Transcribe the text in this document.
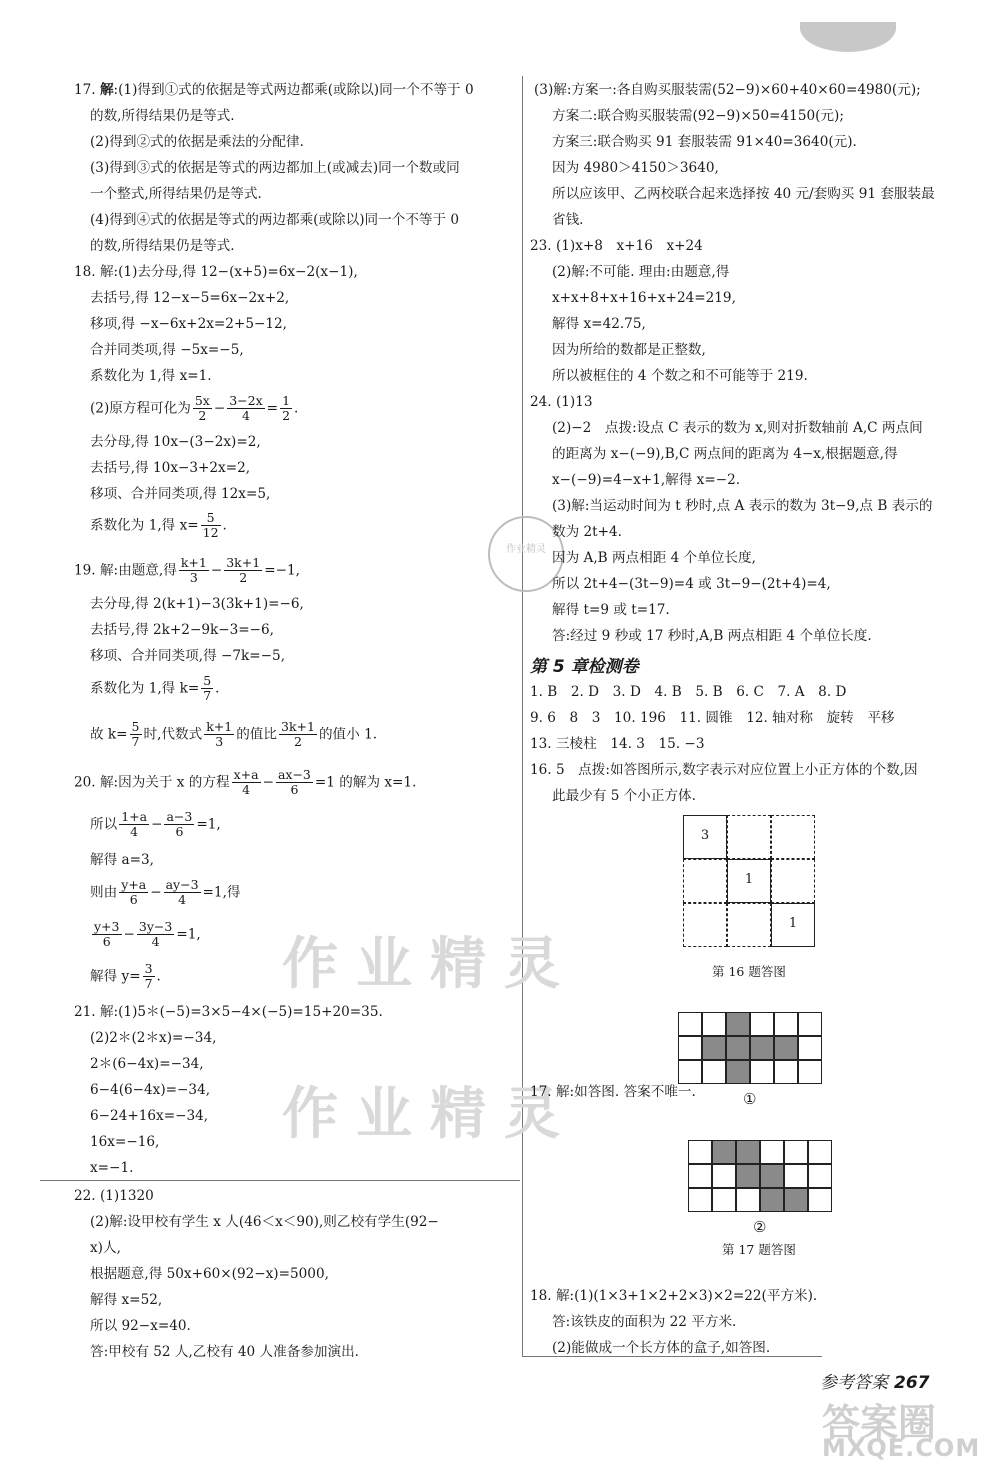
17. 解:(1)得到①式的依据是等式两边都乘(或除以)同一个不等于 0
的数,所得结果仍是等式.
(2)得到②式的依据是乘法的分配律.
(3)得到③式的依据是等式的两边都加上(或减去)同一个数或同
一个整式,所得结果仍是等式.
(4)得到④式的依据是等式的两边都乘(或除以)同一个不等于 0
的数,所得结果仍是等式.
18. 解:(1)去分母,得 12−(x+5)=6x−2(x−1),
去括号,得 12−x−5=6x−2x+2,
移项,得 −x−6x+2x=2+5−12,
合并同类项,得 −5x=−5,
系数化为 1,得 x=1.
(2)原方程可化为 $\frac{5x}{2} - \frac{3-2x}{4} = \frac{1}{2}$ .
去分母,得 10x−(3−2x)=2,
去括号,得 10x−3+2x=2,
移项、合并同类项,得 12x=5,
系数化为 1,得 $x= \frac{5}{12}$ .
19. 解:由题意,得 $\frac{k+1}{3} - \frac{3k+1}{2} =-1$,
去分母,得 2(k+1)−3(3k+1)=−6,
去括号,得 2k+2−9k−3=−6,
移项、合并同类项,得 −7k=−5,
系数化为 1,得 $k= \frac{5}{7}$ .
故 $k= \frac{5}{7}$ 时,代数式 $\frac{k+1}{3}$ 的值比 $\frac{3k+1}{2}$ 的值小 1.
20. 解:因为关于 x 的方程 $\frac{x+a}{4} - \frac{ax-3}{6} =1$ 的解为 x=1.
所以 $\frac{1+a}{4} - \frac{a-3}{6} =1$,
解得 a=3,
则由 $\frac{y+a}{6} - \frac{ay-3}{4} =1$,得
$\frac{y+3}{6} - \frac{3y-3}{4} =1$,
解得 $y= \frac{3}{7}$ .
21. 解:(1)5＊(−5)=3×5−4×(−5)=15+20=35.
(2)2＊(2＊x)=−34,
2＊(6−4x)=−34,
6−4(6−4x)=−34,
6−24+16x=−34,
16x=−16,
x=−1.
22. (1)1320
(2)解:设甲校有学生 x 人(46＜x＜90),则乙校有学生(92−
x)人,
根据题意,得 50x+60×(92−x)=5000,
解得 x=52,
所以 92−x=40.
答:甲校有 52 人,乙校有 40 人准备参加演出.
作业精灵
作业精灵
作业精灵
(3)解:方案一:各自购买服装需(52−9)×60+40×60=4980(元);
方案二:联合购买服装需(92−9)×50=4150(元);
方案三:联合购买 91 套服装需 91×40=3640(元).
因为 4980＞4150＞3640,
所以应该甲、乙两校联合起来选择按 40 元/套购买 91 套服装最
省钱.
23. (1)x+8　x+16　x+24
(2)解:不可能. 理由:由题意,得
x+x+8+x+16+x+24=219,
解得 x=42.75,
因为所给的数都是正整数,
所以被框住的 4 个数之和不可能等于 219.
24. (1)13
(2)−2　点拨:设点 C 表示的数为 x,则对折数轴前 A,C 两点间
的距离为 x−(−9),B,C 两点间的距离为 4−x,根据题意,得
x−(−9)=4−x+1,解得 x=−2.
(3)解:当运动时间为 t 秒时,点 A 表示的数为 3t−9,点 B 表示的
数为 2t+4.
因为 A,B 两点相距 4 个单位长度,
所以 2t+4−(3t−9)=4 或 3t−9−(2t+4)=4,
解得 t=9 或 t=17.
答:经过 9 秒或 17 秒时,A,B 两点相距 4 个单位长度.
1. B　2. D　3. D　4. B　5. B　6. C　7. A　8. D
9. 6　8　3　10. 196　11. 圆锥　12. 轴对称　旋转　平移
13. 三棱柱　14. 3　15. −3
16. 5　点拨:如答图所示,数字表示对应位置上小正方体的个数,因
此最少有 5 个小正方体.
17. 解:如答图. 答案不唯一.
18. 解:(1)(1×3+1×2+2×3)×2=22(平方米).
答:该铁皮的面积为 22 平方米.
(2)能做成一个长方体的盒子,如答图.
第 5 章检测卷
3
1
1
第 16 题答图
①
②
第 17 题答图
参考答案 267
答案圈
MXQE.COM
